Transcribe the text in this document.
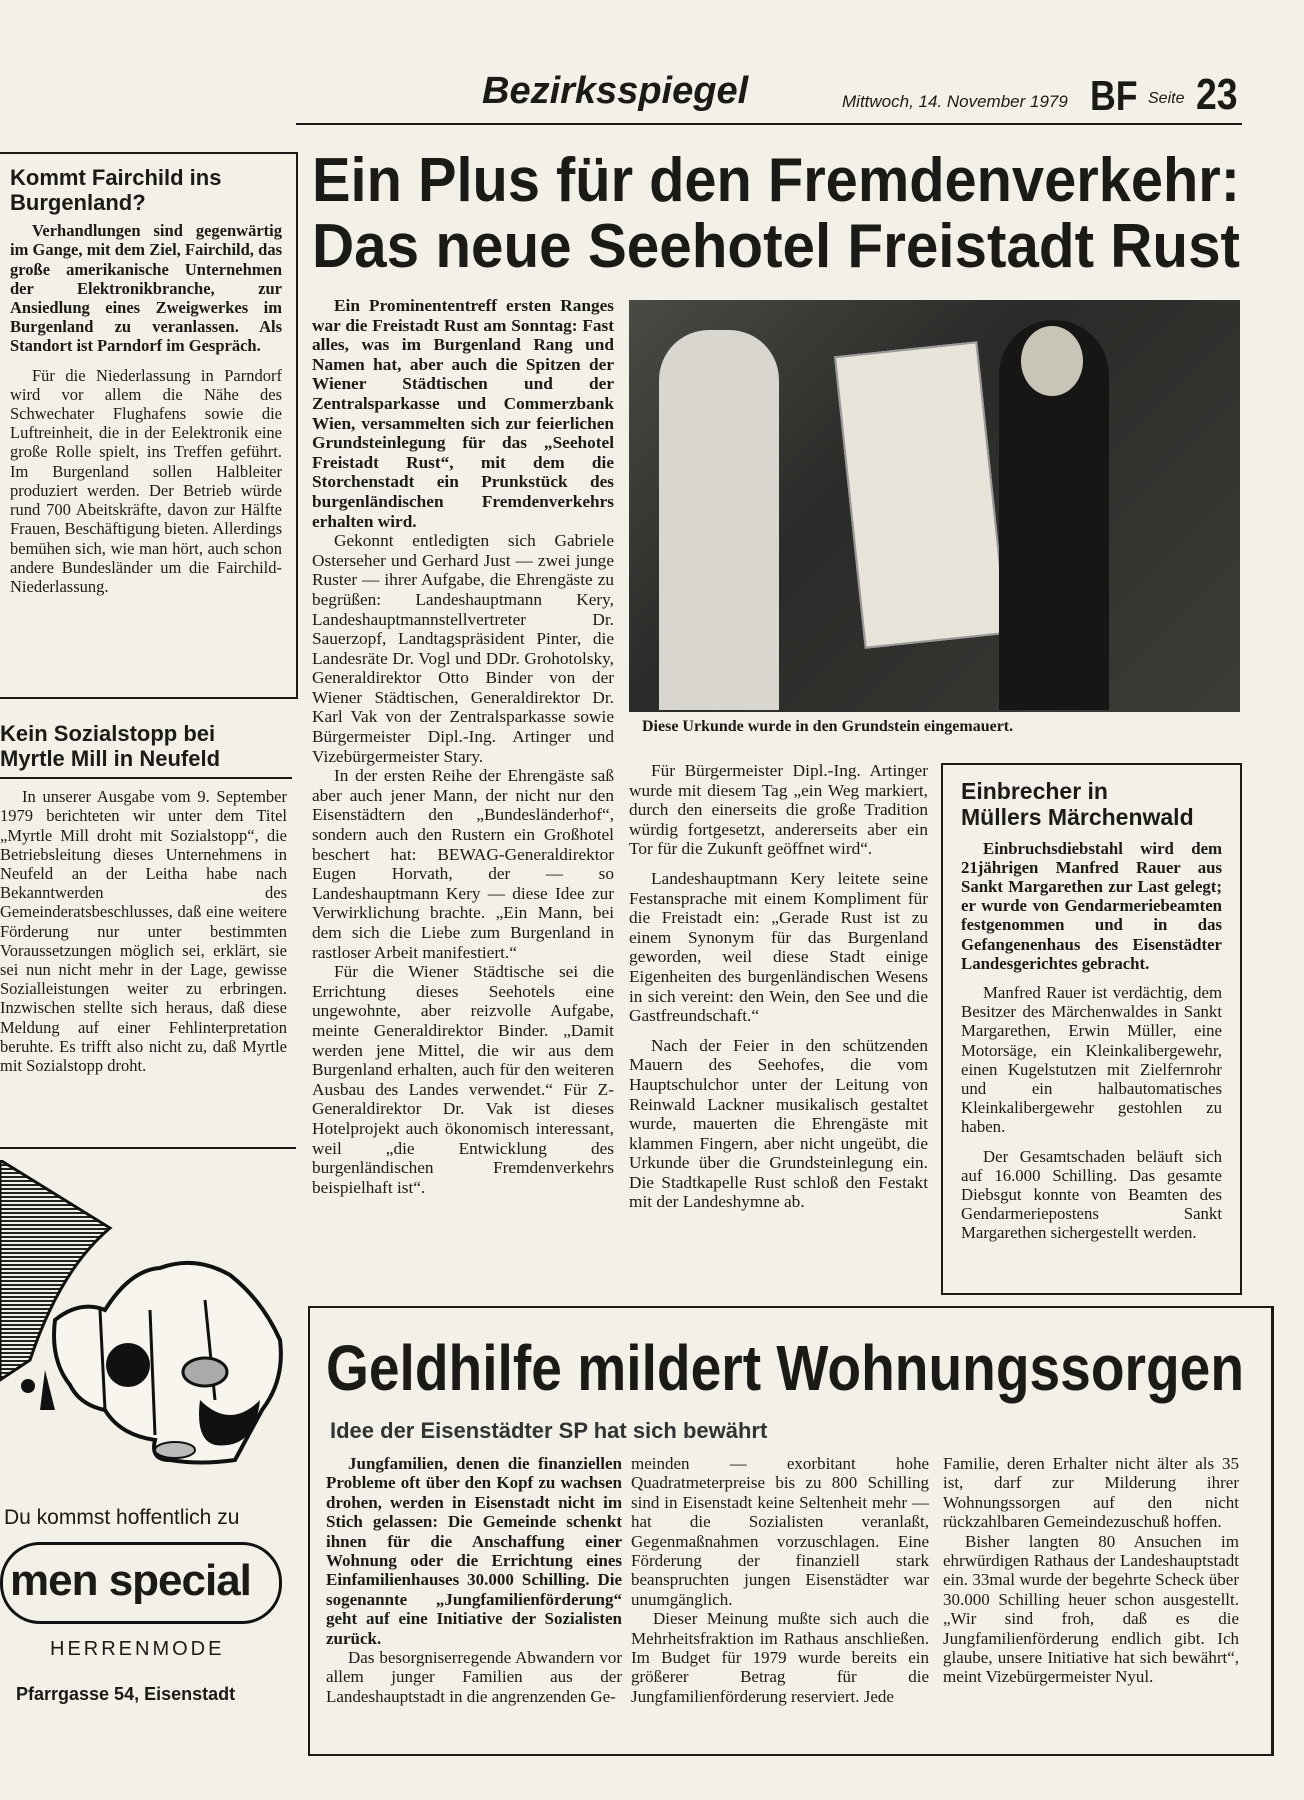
Bezirksspiegel	Mittwoch, 14. November 1979 BF Seite 23
Kommt Fairchild ins Burgenland?

Verhandlungen sind gegenwärtig im Gange, mit dem Ziel, Fairchild, das große amerikanische Unternehmen der Elektronikbranche, zur Ansiedlung eines Zweigwerkes im Burgenland zu veranlassen. Als Standort ist Parndorf im Gespräch.

Für die Niederlassung in Parndorf wird vor allem die Nähe des Schwechater Flughafens sowie die Luftreinheit, die in der Eelektronik eine große Rolle spielt, ins Treffen geführt. Im Burgenland sollen Halbleiter produziert werden. Der Betrieb würde rund 700 Abeitskräfte, davon zur Hälfte Frauen, Beschäftigung bieten. Allerdings bemühen sich, wie man hört, auch schon andere Bundesländer um die Fairchild-Niederlassung.

Kein Sozialstopp bei Myrtle Mill in Neufeld

In unserer Ausgabe vom 9. September 1979 berichteten wir unter dem Titel „Myrtle Mill droht mit Sozialstopp“, die Betriebsleitung dieses Unternehmens in Neufeld an der Leitha habe nach Bekanntwerden des Gemeinderatsbeschlusses, daß eine weitere Förderung nur unter bestimmten Voraussetzungen möglich sei, erklärt, sie sei nun nicht mehr in der Lage, gewisse Sozialleistungen weiter zu erbringen. Inzwischen stellte sich heraus, daß diese Meldung auf einer Fehlinterpretation beruhte. Es trifft also nicht zu, daß Myrtle mit Sozialstopp droht.

Du kommst hoffentlich zu
men special
HERRENMODE
Pfarrgasse 54, Eisenstadt
Ein Plus für den Fremdenverkehr:
Das neue Seehotel Freistadt Rust

Ein Prominententreff ersten Ranges war die Freistadt Rust am Sonntag: Fast alles, was im Burgenland Rang und Namen hat, aber auch die Spitzen der Wiener Städtischen und der Zentralsparkasse und Commerzbank Wien, versammelten sich zur feierlichen Grundsteinlegung für das „Seehotel Freistadt Rust“, mit dem die Storchenstadt ein Prunkstück des burgenländischen Fremdenverkehrs erhalten wird.

Gekonnt entledigten sich Gabriele Osterseher und Gerhard Just — zwei junge Ruster — ihrer Aufgabe, die Ehrengäste zu begrüßen: Landeshauptmann Kery, Landeshauptmannstellvertreter Dr. Sauerzopf, Landtagspräsident Pinter, die Landesräte Dr. Vogl und DDr. Grohotolsky, Generaldirektor Otto Binder von der Wiener Städtischen, Generaldirektor Dr. Karl Vak von der Zentralsparkasse sowie Bürgermeister Dipl.-Ing. Artinger und Vizebürgermeister Stary.

In der ersten Reihe der Ehrengäste saß aber auch jener Mann, der nicht nur den Eisenstädtern den „Bundesländerhof“, sondern auch den Rustern ein Großhotel beschert hat: BEWAG-Generaldirektor Eugen Horvath, der — so Landeshauptmann Kery — diese Idee zur Verwirklichung brachte. „Ein Mann, bei dem sich die Liebe zum Burgenland in rastloser Arbeit manifestiert.“

Für die Wiener Städtische sei die Errichtung dieses Seehotels eine ungewohnte, aber reizvolle Aufgabe, meinte Generaldirektor Binder. „Damit werden jene Mittel, die wir aus dem Burgenland erhalten, auch für den weiteren Ausbau des Landes verwendet.“ Für Z-Generaldirektor Dr. Vak ist dieses Hotelprojekt auch ökonomisch interessant, weil „die Entwicklung des burgenländischen Fremdenverkehrs beispielhaft ist“.

Diese Urkunde wurde in den Grundstein eingemauert.

Für Bürgermeister Dipl.-Ing. Artinger wurde mit diesem Tag „ein Weg markiert, durch den einerseits die große Tradition würdig fortgesetzt, andererseits aber ein Tor für die Zukunft geöffnet wird“.

Landeshauptmann Kery leitete seine Festansprache mit einem Kompliment für die Freistadt ein: „Gerade Rust ist zu einem Synonym für das Burgenland geworden, weil diese Stadt einige Eigenheiten des burgenländischen Wesens in sich vereint: den Wein, den See und die Gastfreundschaft.“

Nach der Feier in den schützenden Mauern des Seehofes, die vom Hauptschulchor unter der Leitung von Reinwald Lackner musikalisch gestaltet wurde, mauerten die Ehrengäste mit klammen Fingern, aber nicht ungeübt, die Urkunde über die Grundsteinlegung ein. Die Stadtkapelle Rust schloß den Festakt mit der Landeshymne ab.

Einbrecher in
Müllers Märchenwald

Einbruchsdiebstahl wird dem 21jährigen Manfred Rauer aus Sankt Margarethen zur Last gelegt; er wurde von Gendarmeriebeamten festgenommen und in das Gefangenenhaus des Eisenstädter Landesgerichtes gebracht.

Manfred Rauer ist verdächtig, dem Besitzer des Märchenwaldes in Sankt Margarethen, Erwin Müller, eine Motorsäge, ein Kleinkalibergewehr, einen Kugelstutzen mit Zielfernrohr und ein halbautomatisches Kleinkalibergewehr gestohlen zu haben.

Der Gesamtschaden beläuft sich auf 16.000 Schilling. Das gesamte Diebsgut konnte von Beamten des Gendarmeriepostens Sankt Margarethen sichergestellt werden.

Geldhilfe mildert Wohnungssorgen
Idee der Eisenstädter SP hat sich bewährt

Jungfamilien, denen die finanziellen Probleme oft über den Kopf zu wachsen drohen, werden in Eisenstadt nicht im Stich gelassen: Die Gemeinde schenkt ihnen für die Anschaffung einer Wohnung oder die Errichtung eines Einfamilienhauses 30.000 Schilling. Die sogenannte „Jungfamilienförderung“ geht auf eine Initiative der Sozialisten zurück.

Das besorgniserregende Abwandern vor allem junger Familien aus der Landeshauptstadt in die angrenzenden Ge-

meinden — exorbitant hohe Quadratmeterpreise bis zu 800 Schilling sind in Eisenstadt keine Seltenheit mehr — hat die Sozialisten veranlaßt, Gegenmaßnahmen vorzuschlagen. Eine Förderung der finanziell stark beanspruchten jungen Eisenstädter war unumgänglich.

Dieser Meinung mußte sich auch die Mehrheitsfraktion im Rathaus anschließen. Im Budget für 1979 wurde bereits ein größerer Betrag für die Jungfamilienförderung reserviert. Jede

Familie, deren Erhalter nicht älter als 35 ist, darf zur Milderung ihrer Wohnungssorgen auf den nicht rückzahlbaren Gemeindezuschuß hoffen.

Bisher langten 80 Ansuchen im ehrwürdigen Rathaus der Landeshauptstadt ein. 33mal wurde der begehrte Scheck über 30.000 Schilling heuer schon ausgestellt. „Wir sind froh, daß es die Jungfamilienförderung endlich gibt. Ich glaube, unsere Initiative hat sich bewährt“, meint Vizebürgermeister Nyul.
